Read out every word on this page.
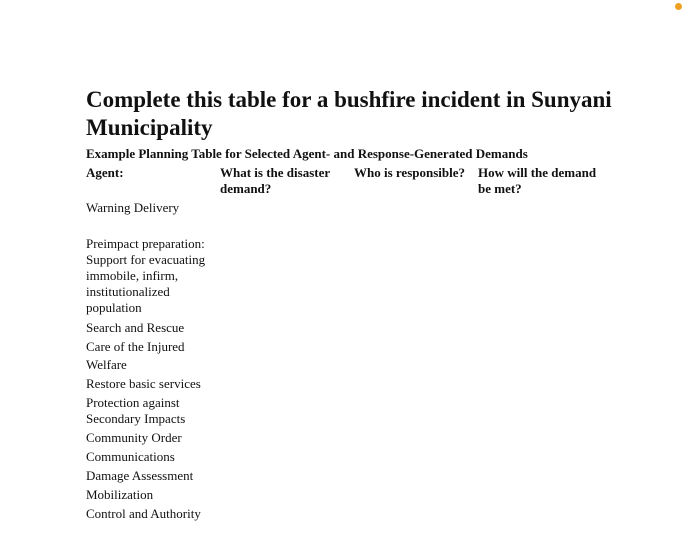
Complete this table for a bushfire incident in Sunyani Municipality
Example Planning Table for Selected Agent- and Response-Generated Demands
Agent:	What is the disaster
demand?
Who is responsible? How will the demand
be met?
Warning Delivery
Preimpact preparation:
Support for evacuating
immobile, infirm,
institutionalized
population
Search and Rescue
Care of the Injured
Welfare
Restore basic services
Protection against
Secondary Impacts
Community Order
Communications
Damage Assessment
Mobilization
Control and Authority
